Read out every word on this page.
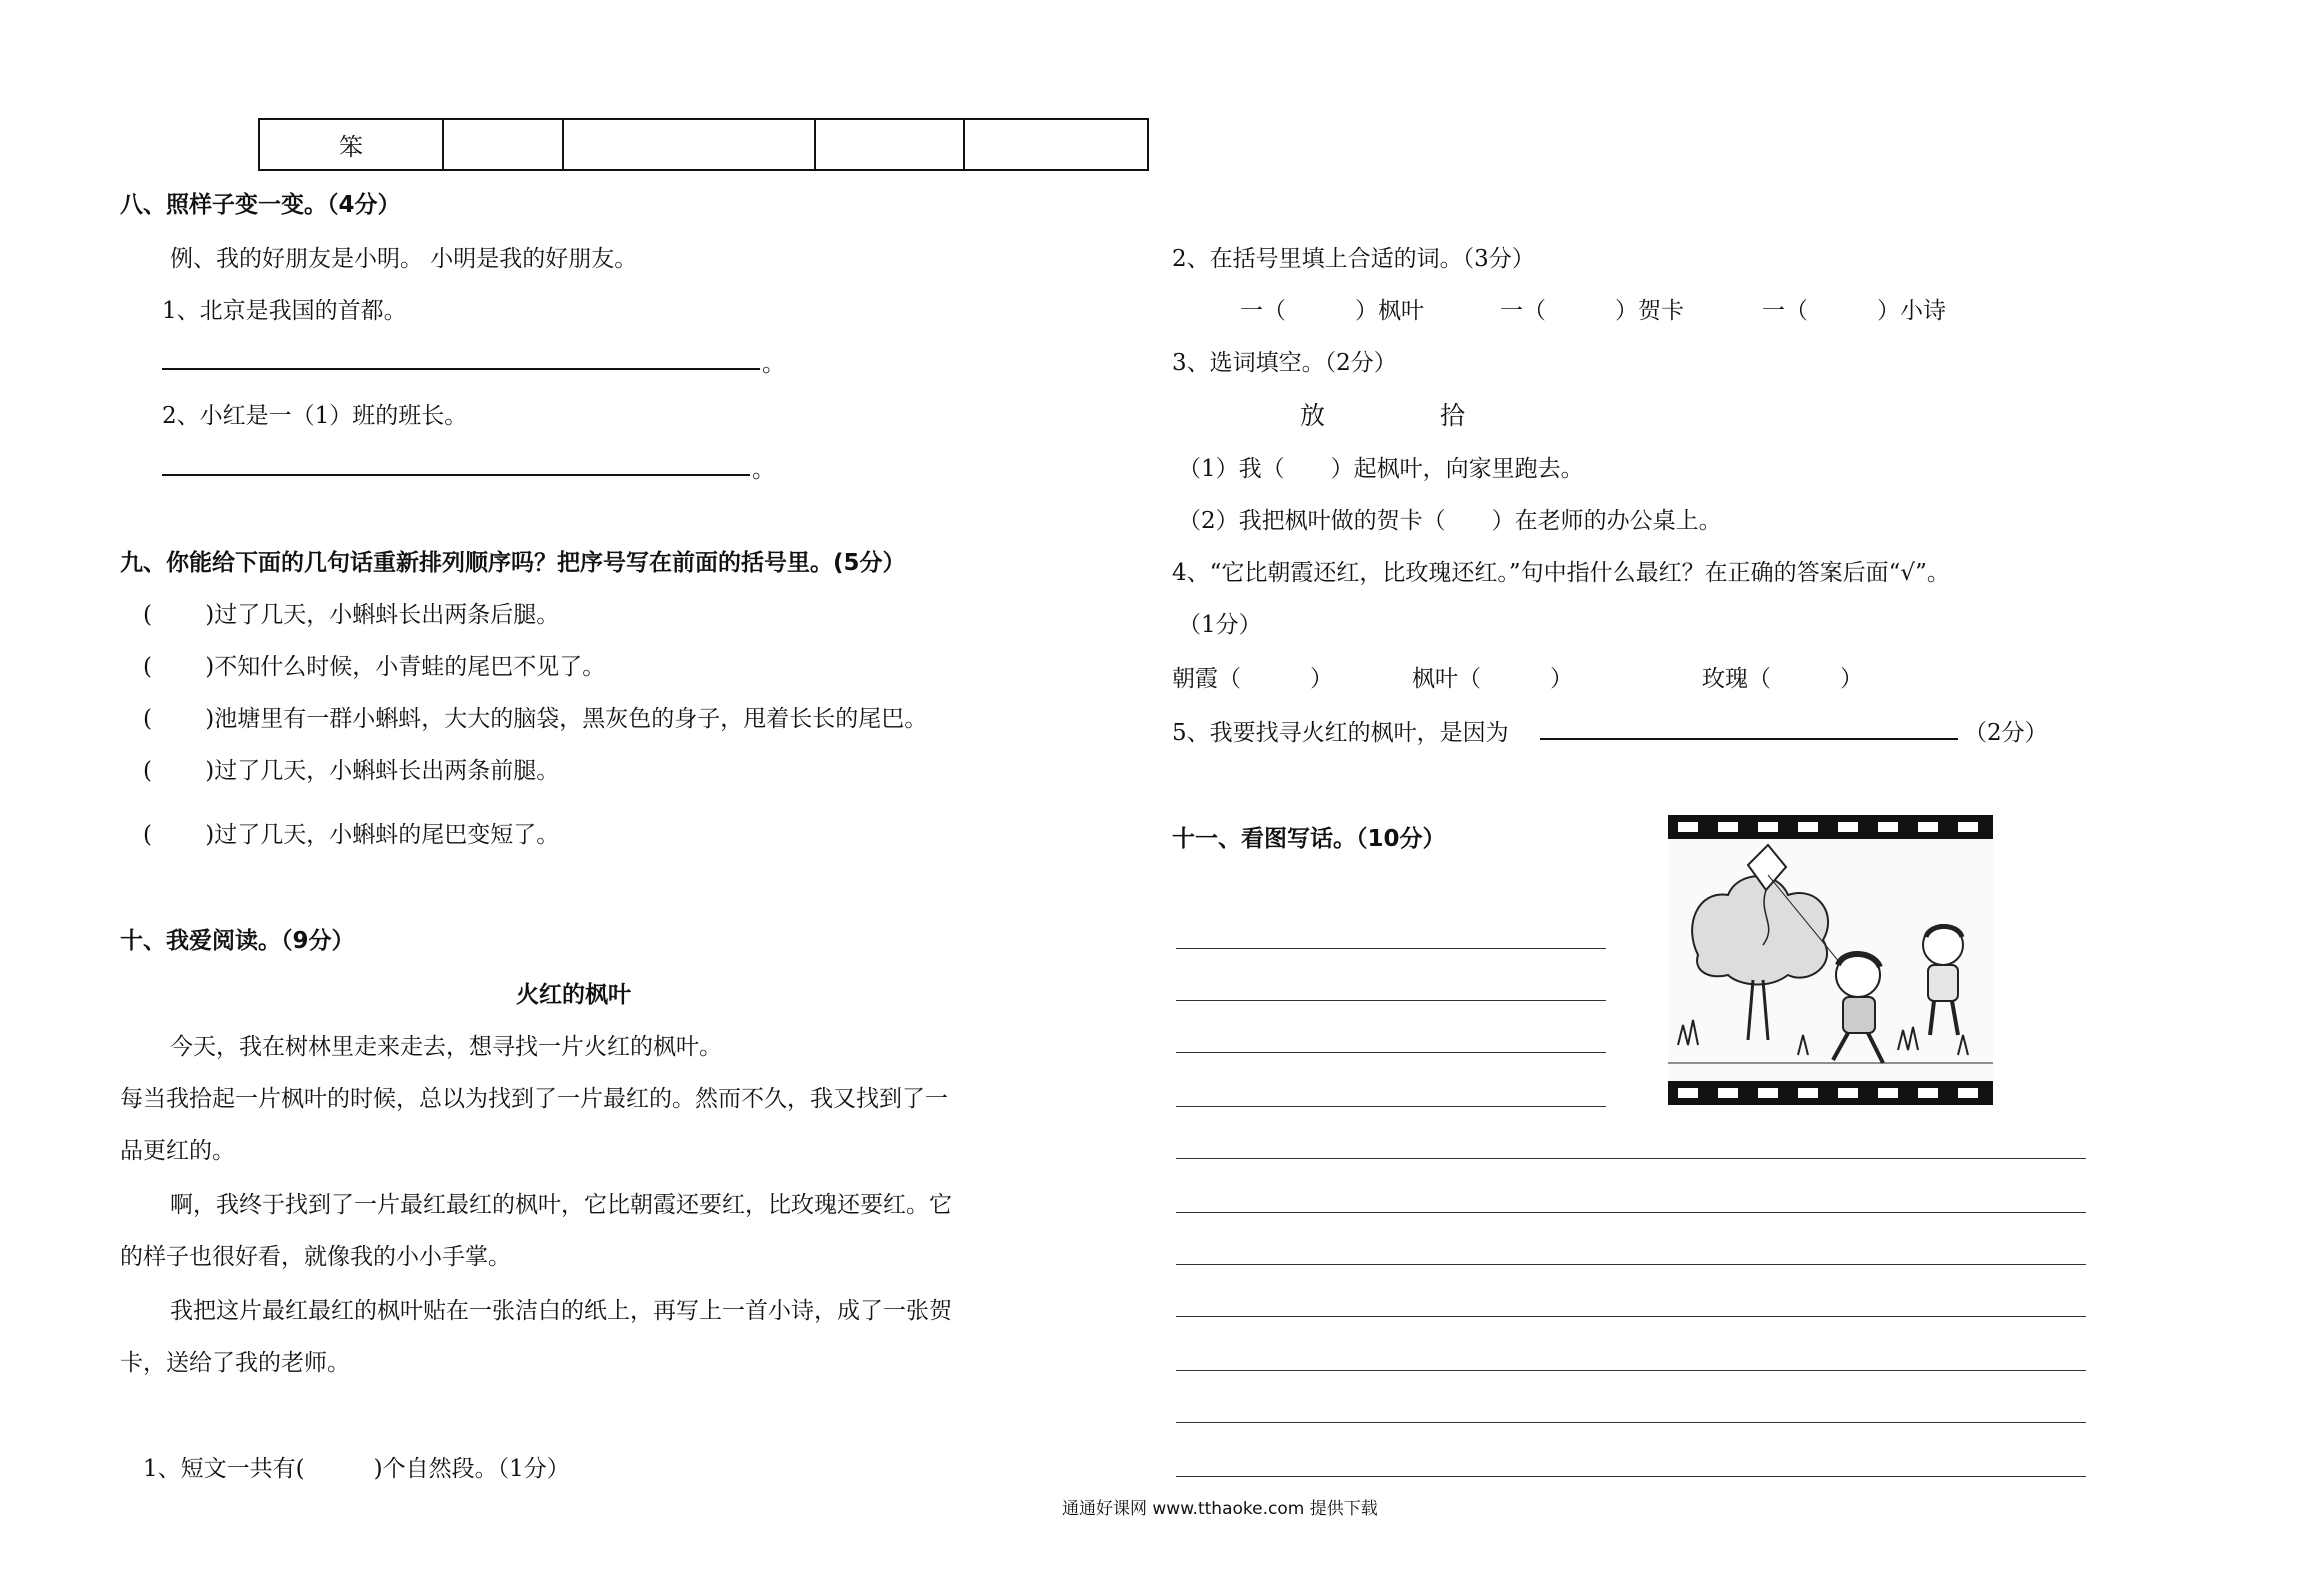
笨				
八、照样子变一变。（4分）
例、我的好朋友是小明。 小明是我的好朋友。
1、北京是我国的首都。
。
2、小红是一（1）班的班长。
。
九、你能给下面的几句话重新排列顺序吗？把序号写在前面的括号里。(5分）
(　　 )过了几天，小蝌蚪长出两条后腿。
(　　 )不知什么时候，小青蛙的尾巴不见了。
(　　 )池塘里有一群小蝌蚪，大大的脑袋，黑灰色的身子，甩着长长的尾巴。
(　　 )过了几天，小蝌蚪长出两条前腿。
(　　 )过了几天，小蝌蚪的尾巴变短了。
十、我爱阅读。（9分）
火红的枫叶
今天，我在树林里走来走去，想寻找一片火红的枫叶。
每当我拾起一片枫叶的时候，总以为找到了一片最红的。然而不久，我又找到了一
品更红的。
啊，我终于找到了一片最红最红的枫叶，它比朝霞还要红，比玫瑰还要红。它
的样子也很好看，就像我的小小手掌。
我把这片最红最红的枫叶贴在一张洁白的纸上，再写上一首小诗，成了一张贺
卡，送给了我的老师。
1、短文一共有(　　　)个自然段。（1分）
2、在括号里填上合适的词。（3分）
一（　　　）枫叶	一（　　　）贺卡	一（　　　）小诗
3、选词填空。（2分）
放	拾
（1）我（　　）起枫叶，向家里跑去。
（2）我把枫叶做的贺卡（　　）在老师的办公桌上。
4、“它比朝霞还红，比玫瑰还红。”句中指什么最红？在正确的答案后面“√”。
（1分）
朝霞（　　　）	枫叶（　　　）	玫瑰（　　　）
5、我要找寻火红的枫叶，是因为	（2分）
十一、看图写话。（10分）
通通好课网 www.tthaoke.com 提供下载
